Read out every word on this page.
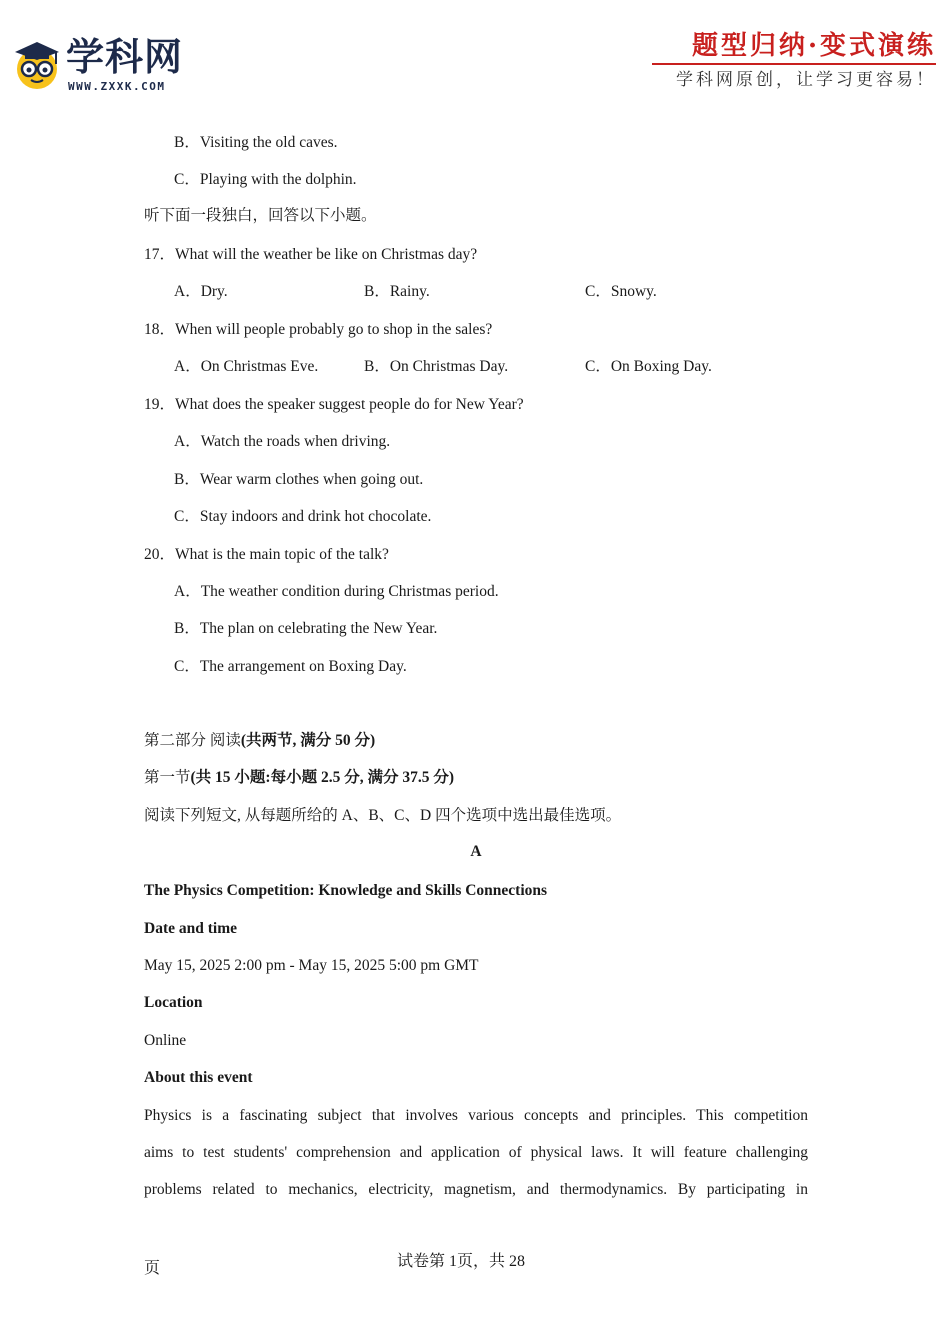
学科网
WWW.ZXXK.COM
题型归纳·变式演练
学科网原创，让学习更容易！
B．Visiting the old caves.
C．Playing with the dolphin.
听下面一段独白，回答以下小题。
17．What will the weather be like on Christmas day?
A．Dry.	B．Rainy.	C．Snowy.
18．When will people probably go to shop in the sales?
A．On Christmas Eve.	B．On Christmas Day.	C．On Boxing Day.
19．What does the speaker suggest people do for New Year?
A．Watch the roads when driving.
B．Wear warm clothes when going out.
C．Stay indoors and drink hot chocolate.
20．What is the main topic of the talk?
A．The weather condition during Christmas period.
B．The plan on celebrating the New Year.
C．The arrangement on Boxing Day.
第二部分 阅读(共两节, 满分 50 分)
第一节(共 15 小题:每小题 2.5 分, 满分 37.5 分)
阅读下列短文, 从每题所给的 A、B、C、D 四个选项中选出最佳选项。
A
The Physics Competition: Knowledge and Skills Connections
Date and time
May 15, 2025 2:00 pm - May 15, 2025 5:00 pm GMT
Location
Online
About this event
Physics is a fascinating subject that involves various concepts and principles. This competition
aims to test students' comprehension and application of physical laws. It will feature challenging
problems related to mechanics, electricity, magnetism, and thermodynamics. By participating in
页	试卷第 1页，共 28
